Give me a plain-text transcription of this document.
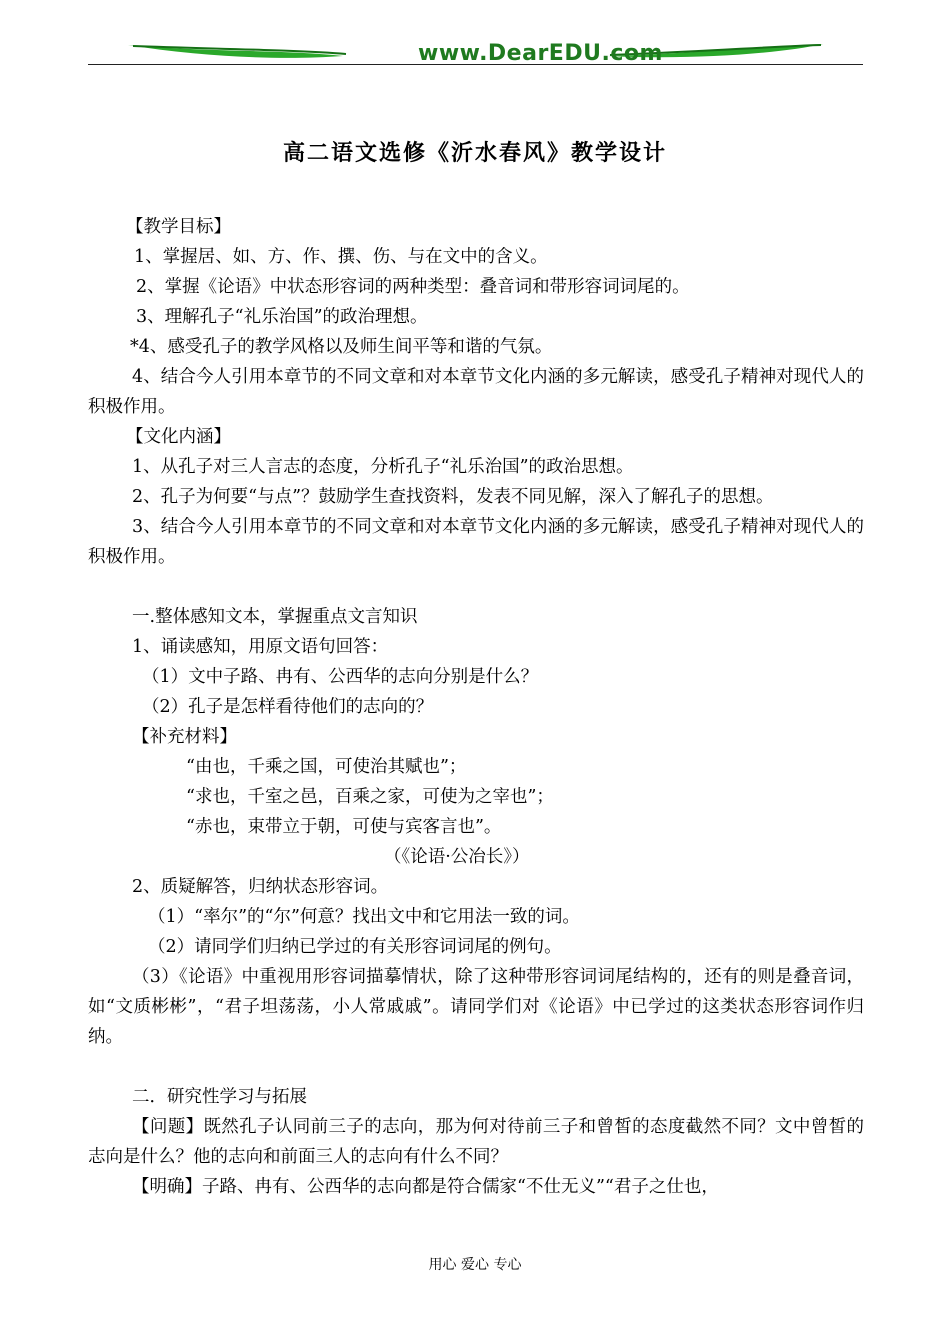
www.DearEDU.com
高二语文选修《沂水春风》教学设计
【教学目标】
1、掌握居、如、方、作、撰、伤、与在文中的含义。
2、掌握《论语》中状态形容词的两种类型：叠音词和带形容词词尾的。
3、理解孔子“礼乐治国”的政治理想。
*4、感受孔子的教学风格以及师生间平等和谐的气氛。
4、结合今人引用本章节的不同文章和对本章节文化内涵的多元解读，感受孔子精神对现代人的积极作用。
【文化内涵】
1、从孔子对三人言志的态度，分析孔子“礼乐治国”的政治思想。
2、孔子为何要“与点”？鼓励学生查找资料，发表不同见解，深入了解孔子的思想。
3、结合今人引用本章节的不同文章和对本章节文化内涵的多元解读，感受孔子精神对现代人的积极作用。
一.整体感知文本，掌握重点文言知识
1、诵读感知，用原文语句回答：
（1）文中子路、冉有、公西华的志向分别是什么？
（2）孔子是怎样看待他们的志向的？
【补充材料】
“由也，千乘之国，可使治其赋也”；
“求也，千室之邑，百乘之家，可使为之宰也”；
“赤也，束带立于朝，可使与宾客言也”。
（《论语·公冶长》）
2、质疑解答，归纳状态形容词。
（1）“率尔”的“尔”何意？找出文中和它用法一致的词。
（2）请同学们归纳已学过的有关形容词词尾的例句。
（3）《论语》中重视用形容词描摹情状，除了这种带形容词词尾结构的，还有的则是叠音词，如“文质彬彬”，“君子坦荡荡，小人常戚戚”。请同学们对《论语》中已学过的这类状态形容词作归纳。
二．研究性学习与拓展
【问题】既然孔子认同前三子的志向，那为何对待前三子和曾皙的态度截然不同？文中曾皙的志向是什么？他的志向和前面三人的志向有什么不同？
【明确】子路、冉有、公西华的志向都是符合儒家“不仕无义”“君子之仕也，
用心 爱心 专心
